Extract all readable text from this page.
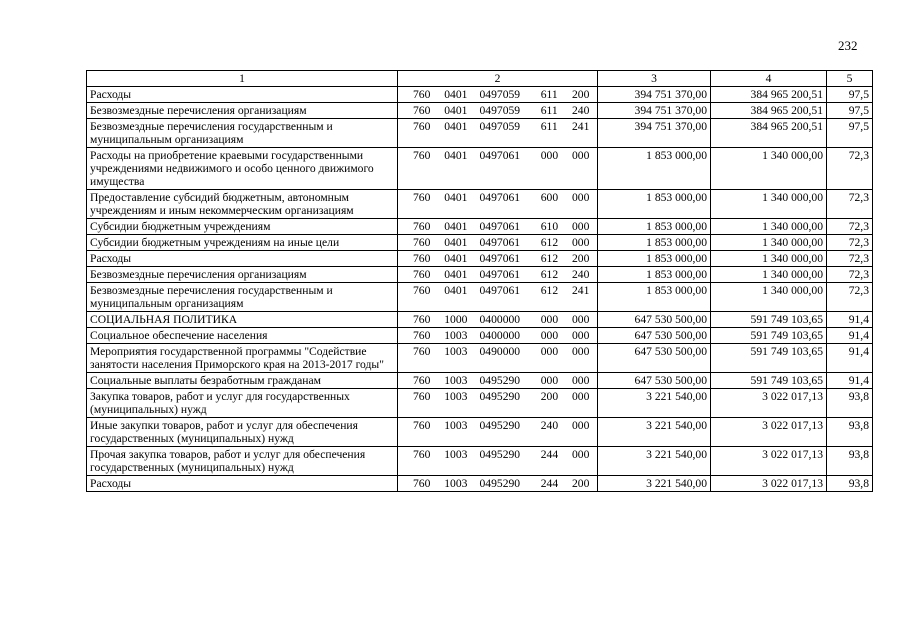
232
1	2	3	4	5
Расходы	760 0401 0497059 611 200	394 751 370,00	384 965 200,51	97,5
Безвозмездные перечисления организациям	760 0401 0497059 611 240	394 751 370,00	384 965 200,51	97,5
Безвозмездные перечисления государственным и муниципальным организациям	760 0401 0497059 611 241	394 751 370,00	384 965 200,51	97,5
Расходы на приобретение краевыми государственными учреждениями недвижимого и особо ценного движимого имущества	760 0401 0497061 000 000	1 853 000,00	1 340 000,00	72,3
Предоставление субсидий бюджетным, автономным учреждениям и иным некоммерческим организациям	760 0401 0497061 600 000	1 853 000,00	1 340 000,00	72,3
Субсидии бюджетным учреждениям	760 0401 0497061 610 000	1 853 000,00	1 340 000,00	72,3
Субсидии бюджетным учреждениям на иные цели	760 0401 0497061 612 000	1 853 000,00	1 340 000,00	72,3
Расходы	760 0401 0497061 612 200	1 853 000,00	1 340 000,00	72,3
Безвозмездные перечисления организациям	760 0401 0497061 612 240	1 853 000,00	1 340 000,00	72,3
Безвозмездные перечисления государственным и муниципальным организациям	760 0401 0497061 612 241	1 853 000,00	1 340 000,00	72,3
СОЦИАЛЬНАЯ ПОЛИТИКА	760 1000 0400000 000 000	647 530 500,00	591 749 103,65	91,4
Социальное обеспечение населения	760 1003 0400000 000 000	647 530 500,00	591 749 103,65	91,4
Мероприятия государственной программы "Содействие занятости населения Приморского края на 2013-2017 годы"	760 1003 0490000 000 000	647 530 500,00	591 749 103,65	91,4
Социальные выплаты безработным гражданам	760 1003 0495290 000 000	647 530 500,00	591 749 103,65	91,4
Закупка товаров, работ и услуг для государственных (муниципальных) нужд	760 1003 0495290 200 000	3 221 540,00	3 022 017,13	93,8
Иные закупки товаров, работ и услуг для обеспечения государственных (муниципальных) нужд	760 1003 0495290 240 000	3 221 540,00	3 022 017,13	93,8
Прочая закупка товаров, работ и услуг для обеспечения государственных (муниципальных) нужд	760 1003 0495290 244 000	3 221 540,00	3 022 017,13	93,8
Расходы	760 1003 0495290 244 200	3 221 540,00	3 022 017,13	93,8
